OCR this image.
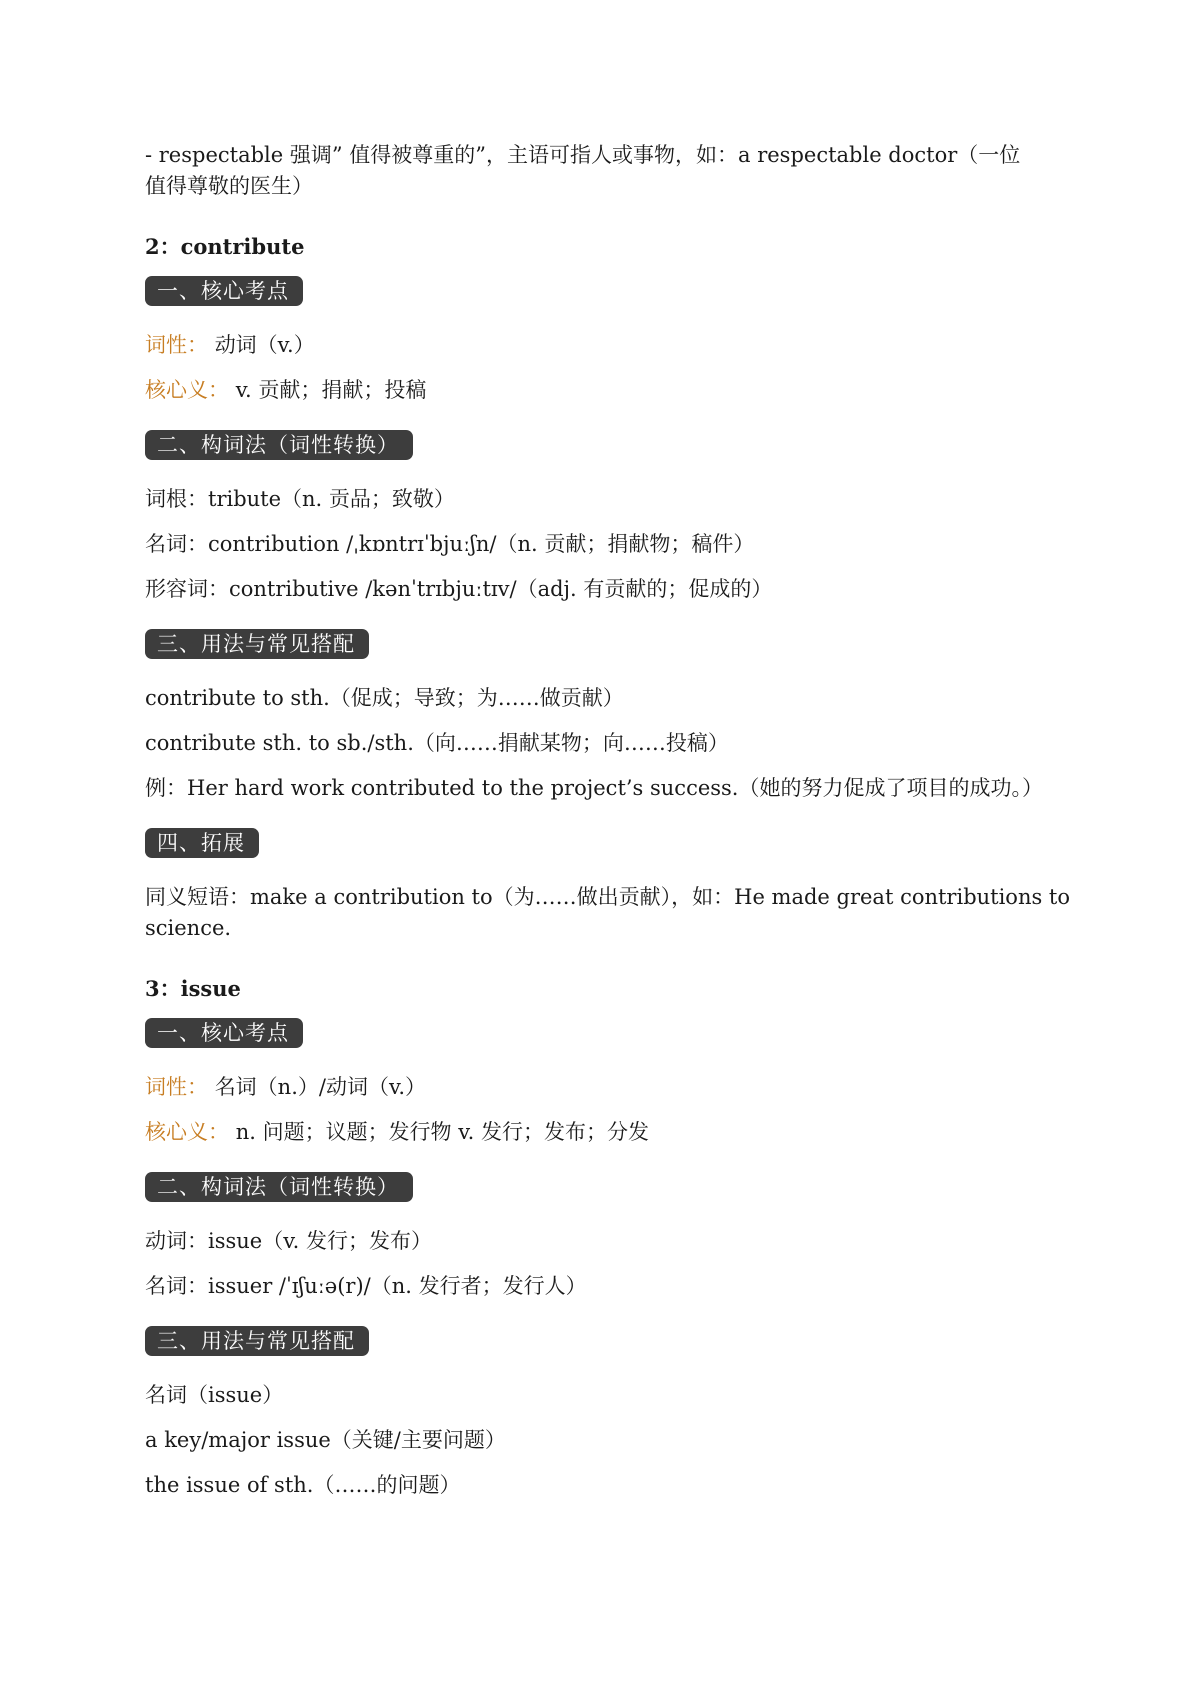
- respectable 强调” 值得被尊重的”，主语可指人或事物，如：a respectable doctor（一位

值得尊敬的医生）

2：contribute

一、核心考点

词性： 动词（v.）

核心义： v. 贡献；捐献；投稿

二、构词法（词性转换）

词根：tribute（n. 贡品；致敬）

名词：contribution /ˌkɒntrɪˈbjuːʃn/（n. 贡献；捐献物；稿件）

形容词：contributive /kənˈtrɪbjuːtɪv/（adj. 有贡献的；促成的）

三、用法与常见搭配

contribute to sth.（促成；导致；为……做贡献）

contribute sth. to sb./sth.（向……捐献某物；向……投稿）

例：Her hard work contributed to the project’s success.（她的努力促成了项目的成功。）

四、拓展

同义短语：make a contribution to（为……做出贡献），如：He made great contributions to

science.

3：issue

一、核心考点

词性： 名词（n.）/动词（v.）

核心义： n. 问题；议题；发行物 v. 发行；发布；分发

二、构词法（词性转换）

动词：issue（v. 发行；发布）

名词：issuer /ˈɪʃuːə(r)/（n. 发行者；发行人）

三、用法与常见搭配

名词（issue）

a key/major issue（关键/主要问题）

the issue of sth.（……的问题）
